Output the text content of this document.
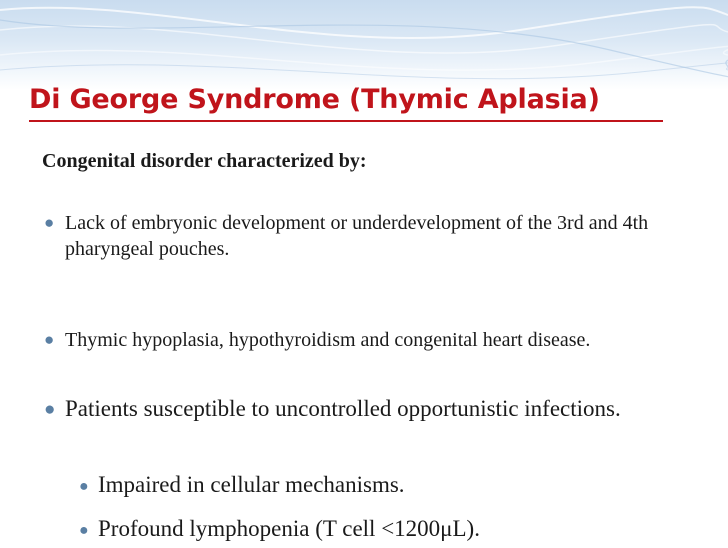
Di George Syndrome (Thymic Aplasia)

Congenital disorder characterized by:

● Lack of embryonic development or underdevelopment of the 3rd and 4th pharyngeal pouches.
● Thymic hypoplasia, hypothyroidism and congenital heart disease.
● Patients susceptible to uncontrolled opportunistic infections.
● Impaired in cellular mechanisms.
● Profound lymphopenia (T cell <1200μL).
